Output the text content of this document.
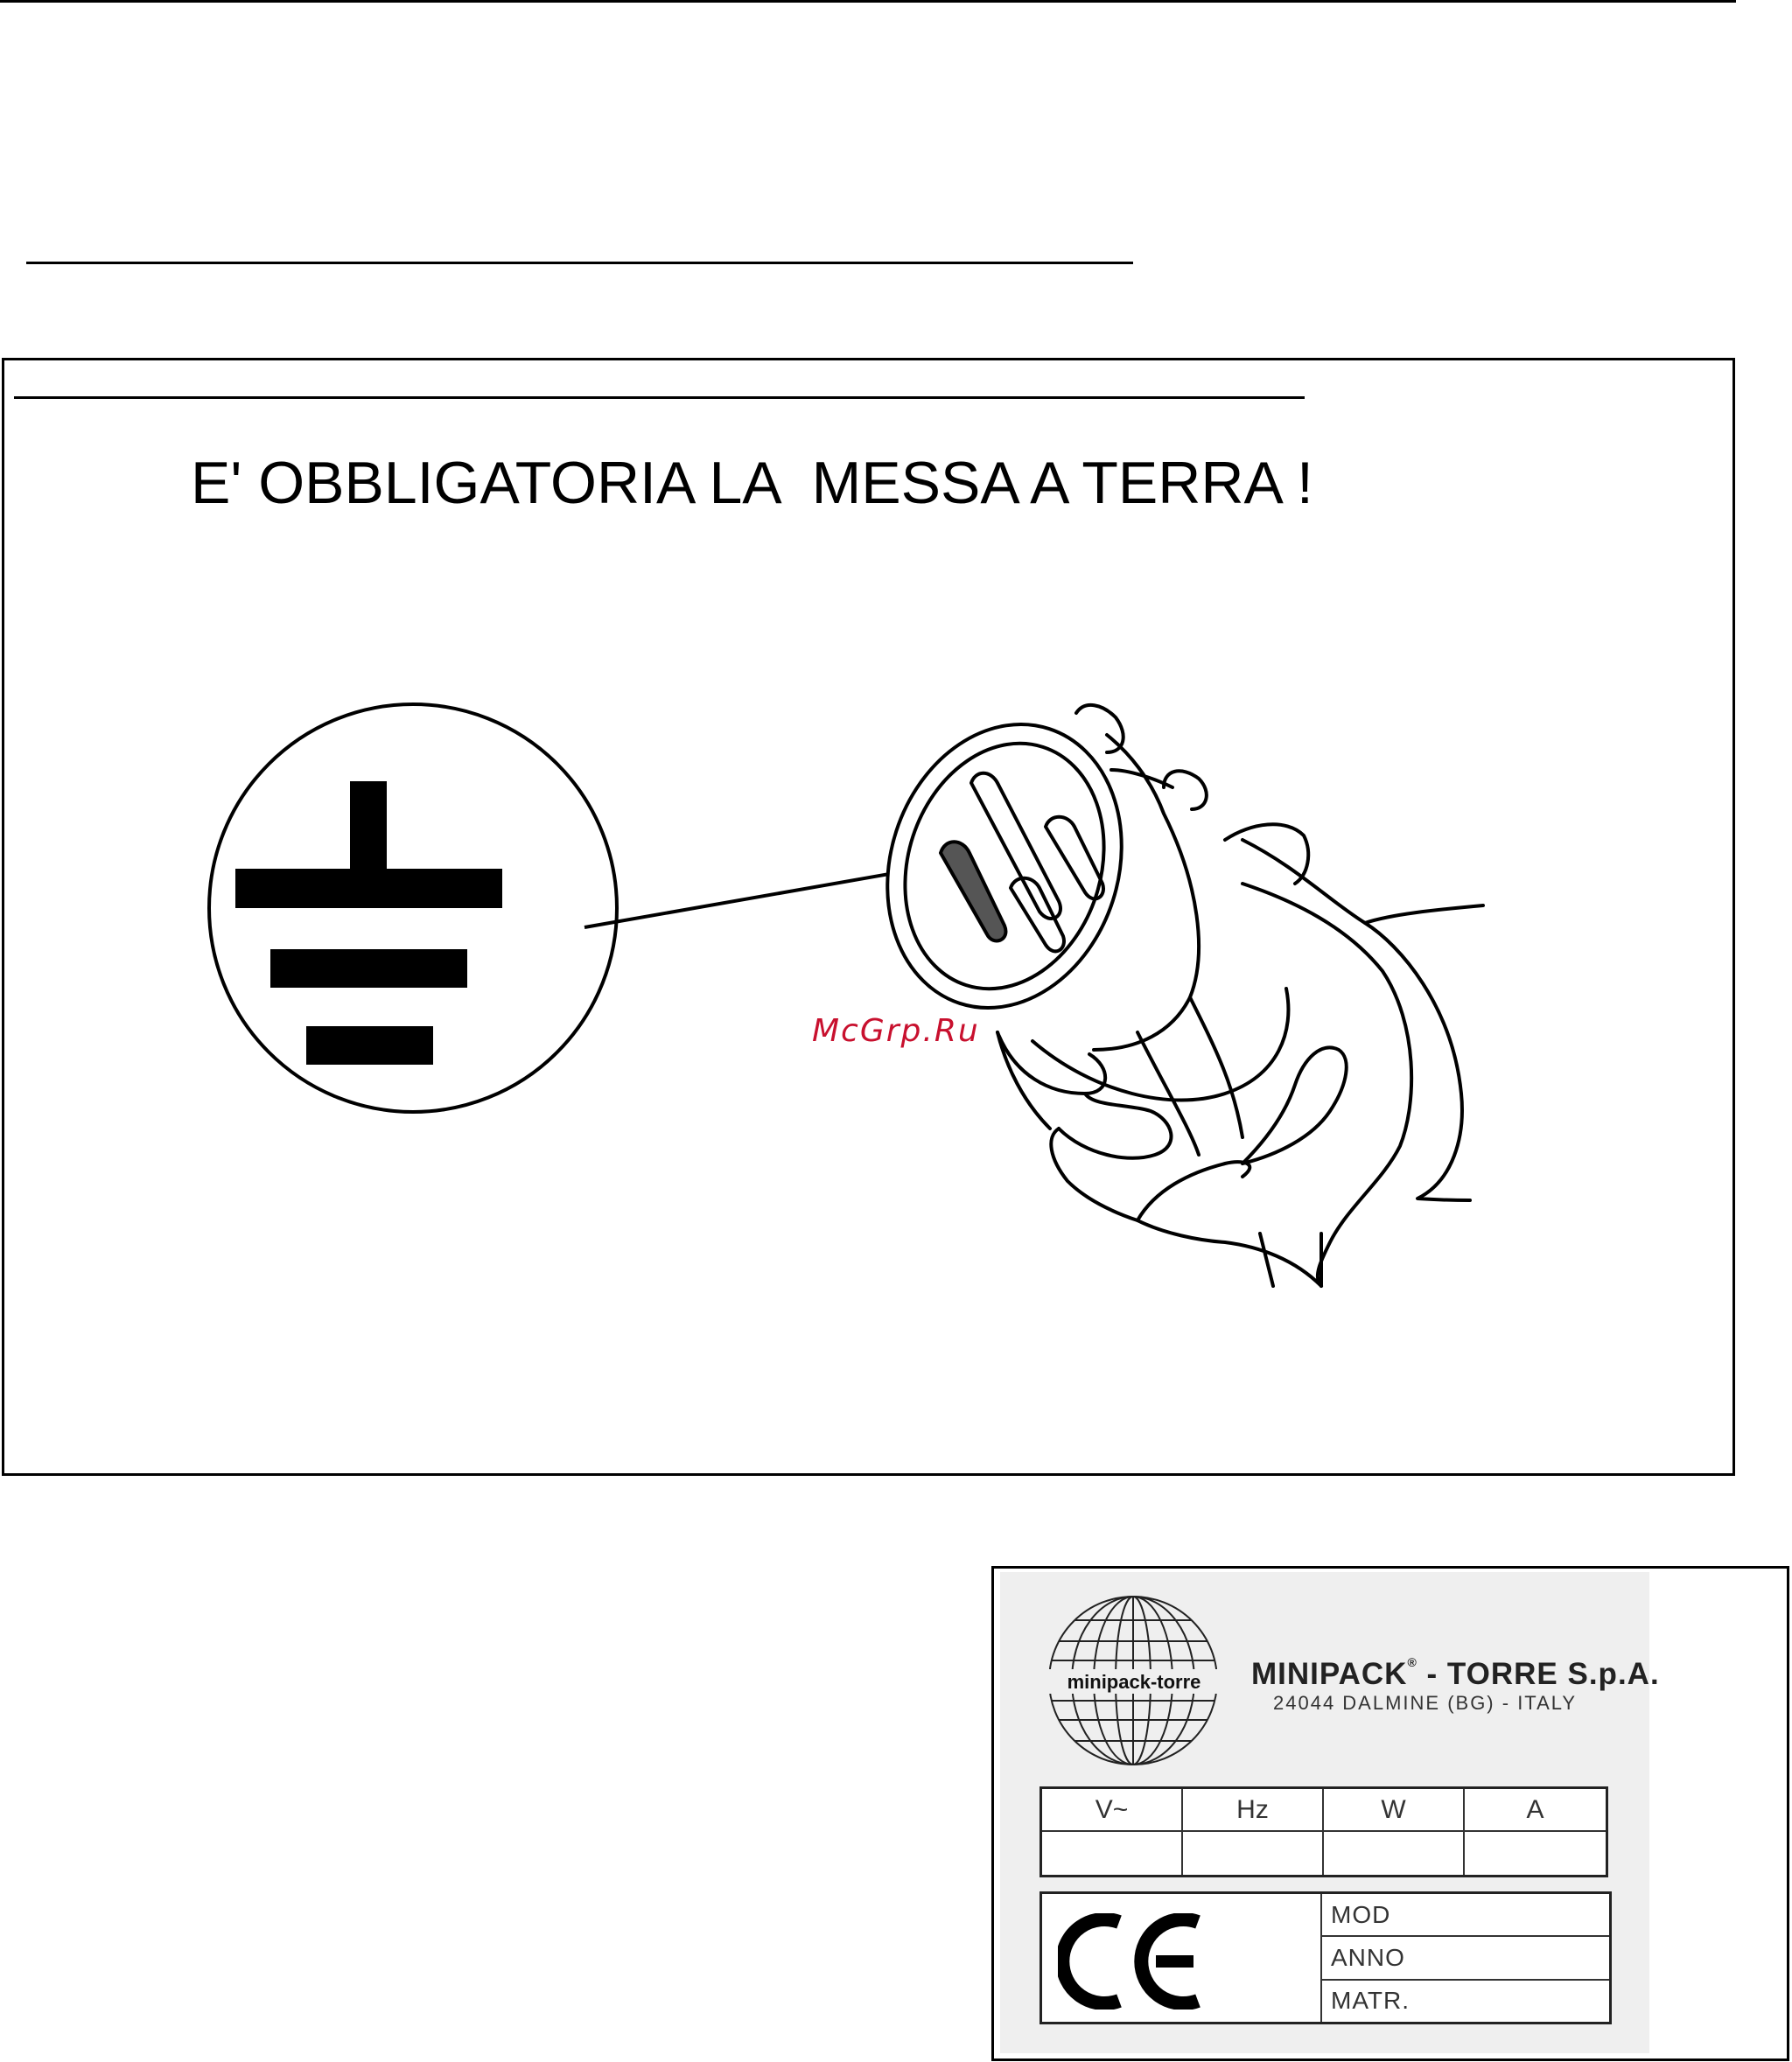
E' OBBLIGATORIA LA  MESSA A TERRA !
McGrp.Ru
minipack-torre MINIPACK® - TORRE S.p.A.
24044 DALMINE (BG) - ITALY
V~	Hz	W	A
MOD
ANNO
MATR.
